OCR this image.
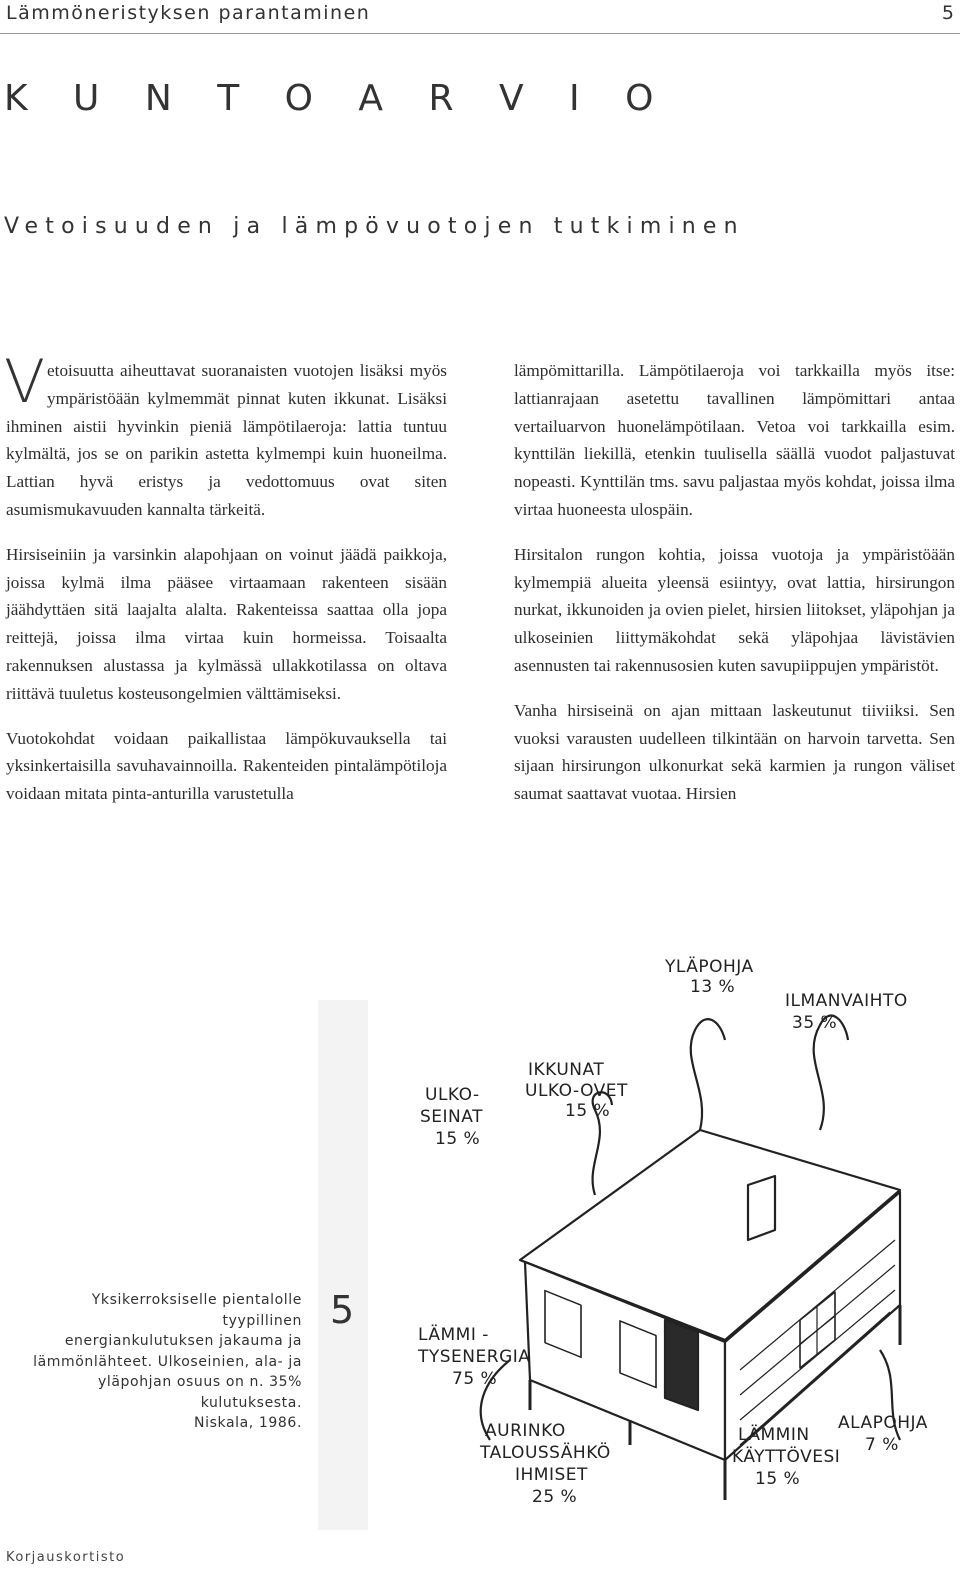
Lämmöneristyksen parantaminen	5
K U N T O A R V I O
Vetoisuuden ja lämpövuotojen tutkiminen

Vetoisuutta aiheuttavat suoranaisten vuotojen lisäksi myös ympäristöään kylmemmät pinnat kuten ikkunat. Lisäksi ihminen aistii hyvinkin pieniä lämpötilaeroja: lattia tuntuu kylmältä, jos se on parikin astetta kylmempi kuin huoneilma. Lattian hyvä eristys ja vedottomuus ovat siten asumismukavuuden kannalta tärkeitä.

Hirsiseiniin ja varsinkin alapohjaan on voinut jäädä paikkoja, joissa kylmä ilma pääsee virtaamaan rakenteen sisään jäähdyttäen sitä laajalta alalta. Rakenteissa saattaa olla jopa reittejä, joissa ilma virtaa kuin hormeissa. Toisaalta rakennuksen alustassa ja kylmässä ullakkotilassa on oltava riittävä tuuletus kosteusongelmien välttämiseksi.

Vuotokohdat voidaan paikallistaa lämpökuvauksella tai yksinkertaisilla savuhavainnoilla. Rakenteiden pintalämpötiloja voidaan mitata pinta-anturilla varustetulla

lämpömittarilla. Lämpötilaeroja voi tarkkailla myös itse: lattianrajaan asetettu tavallinen lämpömittari antaa vertailuarvon huonelämpötilaan. Vetoa voi tarkkailla esim. kynttilän liekillä, etenkin tuulisella säällä vuodot paljastuvat nopeasti. Kynttilän tms. savu paljastaa myös kohdat, joissa ilma virtaa huoneesta ulospäin.

Hirsitalon rungon kohtia, joissa vuotoja ja ympäristöään kylmempiä alueita yleensä esiintyy, ovat lattia, hirsirungon nurkat, ikkunoiden ja ovien pielet, hirsien liitokset, yläpohjan ja ulkoseinien liittymäkohdat sekä yläpohjaa lävistävien asennusten tai rakennusosien kuten savupiippujen ympäristöt.

Vanha hirsiseinä on ajan mittaan laskeutunut tiiviiksi. Sen vuoksi varausten uudelleen tilkintään on harvoin tarvetta. Sen sijaan hirsirungon ulkonurkat sekä karmien ja rungon väliset saumat saattavat vuotaa. Hirsien

Yksikerroksiselle pientalolle tyypillinen
energiankulutuksen jakauma ja
lämmönlähteet. Ulkoseinien, ala- ja
yläpohjan osuus on n. 35% kulutuksesta.
Niskala, 1986.
5
YLÄPOHJA
13 %
ILMANVAIHTO
35 %
IKKUNAT
ULKO-OVET
15 %
ULKO-
SEINAT
15 %
LÄMMI -
TYSENERGIA
75 %
AURINKO
TALOUSSÄHKÖ
IHMISET
25 %
LÄMMIN
KÄYTTÖVESI
15 %
ALAPOHJA
7 %
Korjauskortisto
